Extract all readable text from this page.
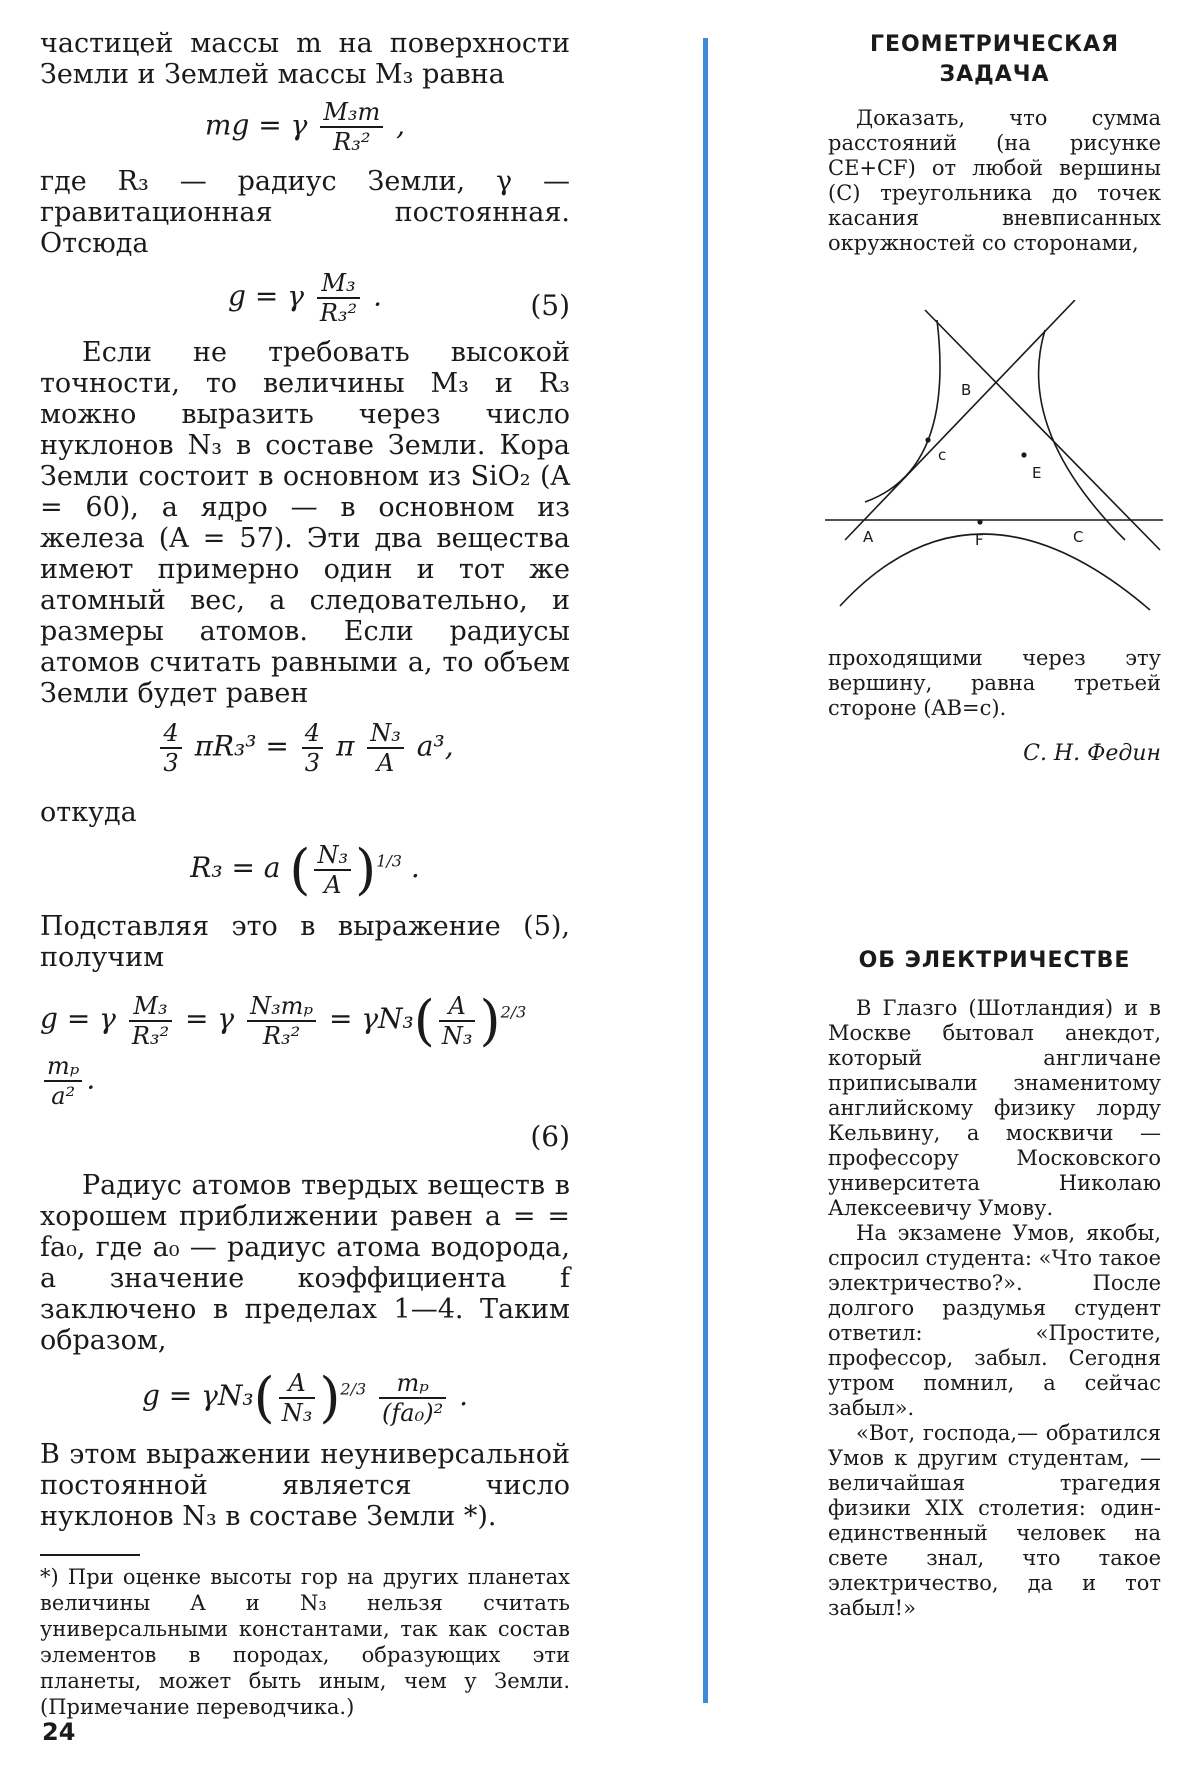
частицей массы m на поверхности Земли и Землей массы M₃ равна

mg = γ $\frac{\text{M₃m}}{\text{R₃²}}$ ,

где R₃ — радиус Земли, γ — гравитационная постоянная. Отсюда

g = γ $\frac{\text{M₃}}{\text{R₃²}}$ .	(5)

Если не требовать высокой точности, то величины M₃ и R₃ можно выразить через число нуклонов N₃ в составе Земли. Кора Земли состоит в основном из SiO₂ (A = 60), а ядро — в основном из железа (A = 57). Эти два вещества имеют примерно один и тот же атомный вес, а следовательно, и размеры атомов. Если радиусы атомов считать равными a, то объем Земли будет равен

$\frac{4}{3} \pi R_3^3 = \frac{4}{3}$ π $\frac{\text{N₃}}{A} a^3$,

откуда

R₃ = a ( $\frac{\text{N₃}}{A} )^{1/3}$ .

Подставляя это в выражение (5), получим

g = γ $\frac{\text{M₃}}{\text{R₃²}} = \gamma \frac{\text{N₃mₚ}}{\text{R₃²}} = \gamma N_3( \frac{A}{\text{N₃}} )^{2/3}$
$\frac{\text{mₚ}}{\text{a²}}$ .
(6)

Радиус атомов твердых веществ в хорошем приближении равен a = = fa₀, где a₀ — радиус атома водорода, а значение коэффициента f заключено в пределах 1—4. Таким образом,

$g = \gamma N_3( \frac{A}{\text{N₃}} )^{2/3} \frac{\text{mₚ}}{\text{(fa₀)²}}$ .

В этом выражении неуниверсальной постоянной является число нуклонов N₃ в составе Земли *).

*) При оценке высоты гор на других планетах величины A и N₃ нельзя считать универсальными константами, так как состав элементов в породах, образующих эти планеты, может быть иным, чем у Земли. (Примечание переводчика.)

24

ГЕОМЕТРИЧЕСКАЯ

ЗАДАЧА

Доказать, что сумма расстояний (на рисунке CE+CF) от любой вершины (C) треугольника до точек касания вневписанных окружностей со сторонами,

A
B
C
c
E
F

проходящими через эту вершину, равна третьей стороне (AB=c).

С. Н. Федин

ОБ ЭЛЕКТРИЧЕСТВЕ

В Глазго (Шотландия) и в Москве бытовал анекдот, который англичане приписывали знаменитому английскому физику лорду Кельвину, а москвичи — профессору Московского университета Николаю Алексеевичу Умову.

На экзамене Умов, якобы, спросил студента: «Что такое электричество?». После долгого раздумья студент ответил: «Простите, профессор, забыл. Сегодня утром помнил, а сейчас забыл».

«Вот, господа,— обратился Умов к другим студентам, — величайшая трагедия физики XIX столетия: один-единственный человек на свете знал, что такое электричество, да и тот забыл!»
